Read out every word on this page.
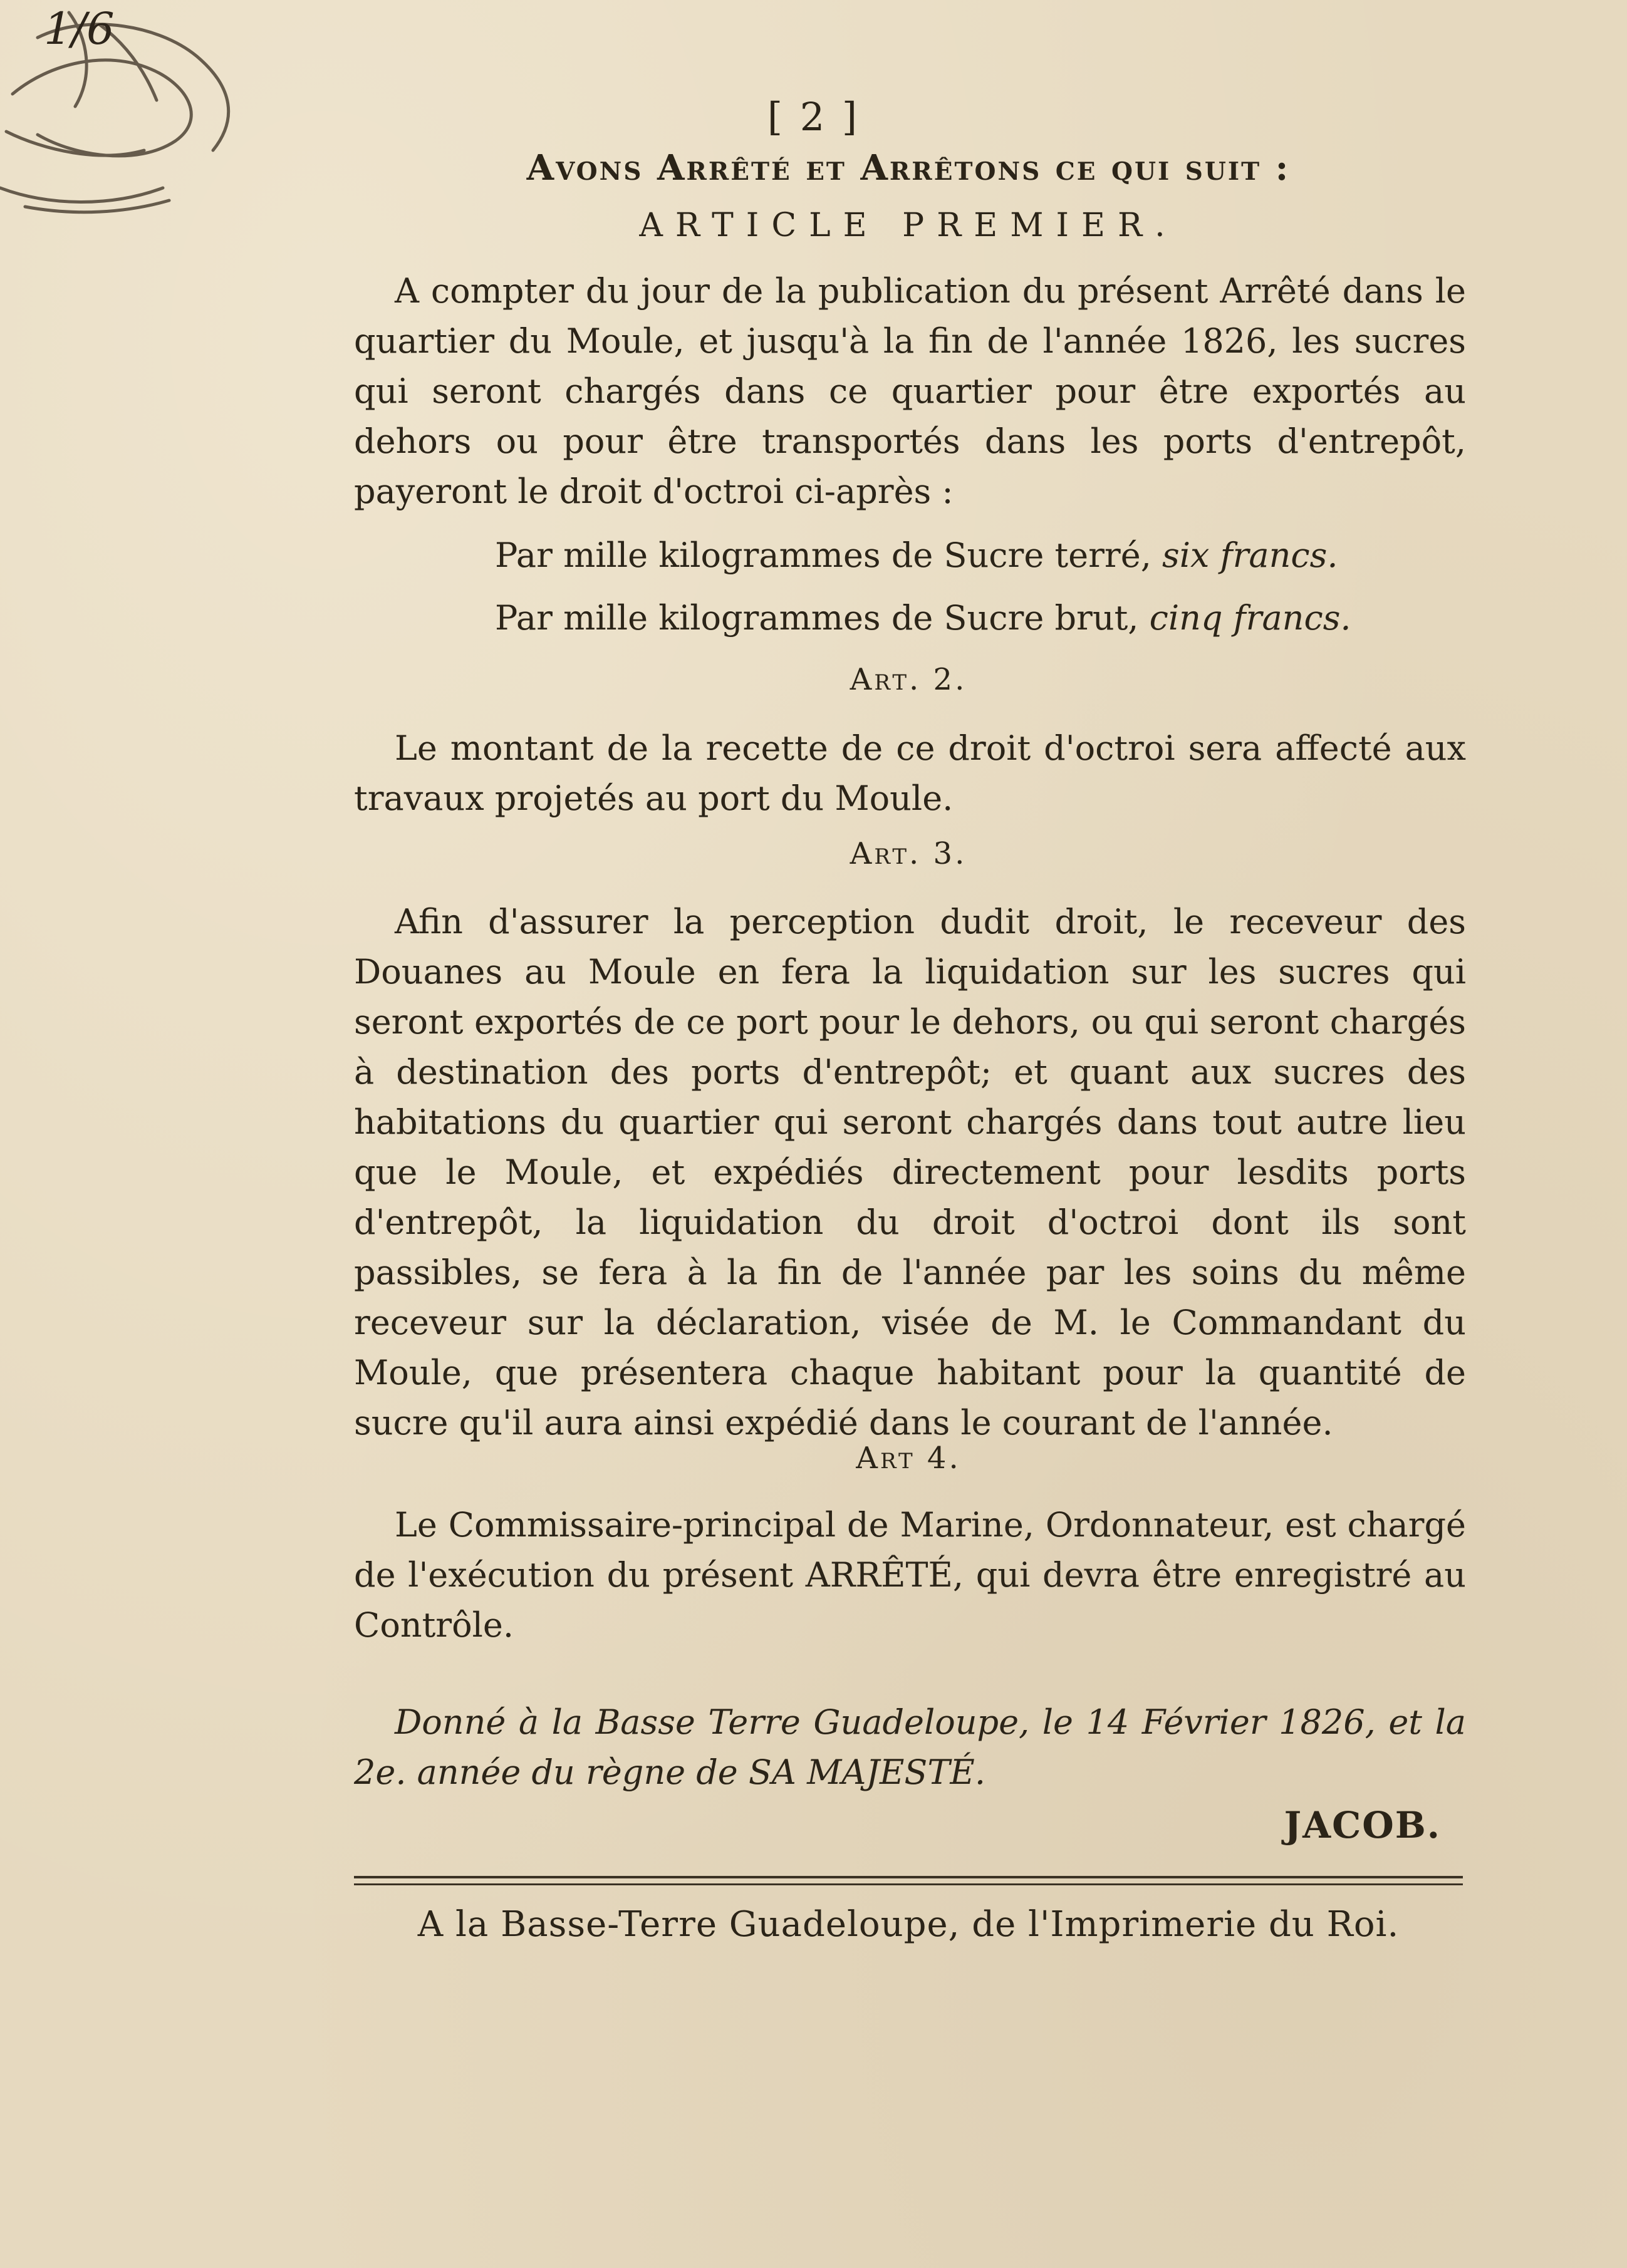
1/6
[ 2 ]
Avons Arrêté et Arrêtons ce qui suit :
ARTICLE PREMIER.
A compter du jour de la publication du présent Arrêté dans le quartier du Moule, et jusqu'à la fin de l'année 1826, les sucres qui seront chargés dans ce quartier pour être exportés au dehors ou pour être transportés dans les ports d'entrepôt, payeront le droit d'octroi ci-après :
Par mille kilogrammes de Sucre terré, six francs.
Par mille kilogrammes de Sucre brut, cinq francs.
Art. 2.
Le montant de la recette de ce droit d'octroi sera affecté aux travaux projetés au port du Moule.
Art. 3.
Afin d'assurer la perception dudit droit, le receveur des Douanes au Moule en fera la liquidation sur les sucres qui seront exportés de ce port pour le dehors, ou qui seront chargés à destination des ports d'entrepôt; et quant aux sucres des habitations du quartier qui seront chargés dans tout autre lieu que le Moule, et expédiés directement pour lesdits ports d'entrepôt, la liquidation du droit d'octroi dont ils sont passibles, se fera à la fin de l'année par les soins du même receveur sur la déclaration, visée de M. le Commandant du Moule, que présentera chaque habitant pour la quantité de sucre qu'il aura ainsi expédié dans le courant de l'année.
Art 4.
Le Commissaire-principal de Marine, Ordonnateur, est chargé de l'exécution du présent ARRÊTÉ, qui devra être enregistré au Contrôle.
Donné à la Basse Terre Guadeloupe, le 14 Février 1826, et la 2e. année du règne de SA MAJESTÉ.
JACOB.
A la Basse-Terre Guadeloupe, de l'Imprimerie du Roi.
